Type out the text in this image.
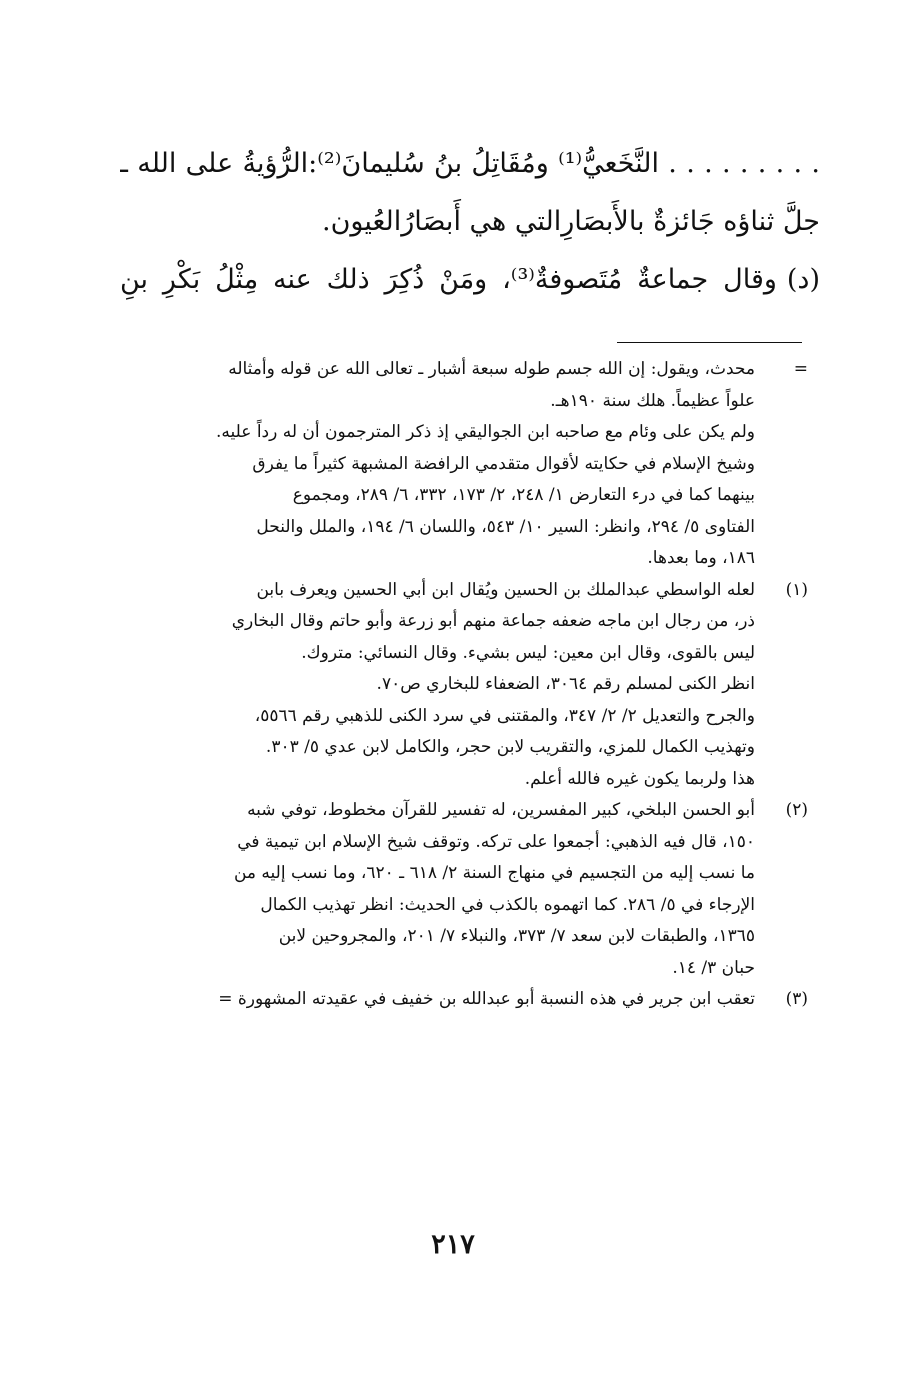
. . . . . . . . . النَّخَعيُّ⁽¹⁾ ومُقَاتِلُ بنُ سُليمانَ⁽²⁾:الرُّؤيةُ على الله ـ
جلَّ ثناؤه جَائزةٌ بالأَبصَارِالتي هي أَبصَارُالعُيون.
(د)وقال جماعةٌ مُتَصوفةٌ⁽³⁾، ومَنْ ذُكِرَ ذلك عنه مِثْلُ بَكْرِ بنِ
=
محدث، ويقول: إن الله جسم طوله سبعة أشبار ـ تعالى الله عن قوله وأمثاله
علواً عظيماً. هلك سنة ١٩٠هـ.
ولم يكن على وئام مع صاحبه ابن الجواليقي إذ ذكر المترجمون أن له رداً عليه.
وشيخ الإسلام في حكايته لأقوال متقدمي الرافضة المشبهة كثيراً ما يفرق
بينهما كما في درء التعارض ١/ ٢٤٨، ٢/ ١٧٣، ٣٣٢، ٦/ ٢٨٩، ومجموع
الفتاوى ٥/ ٢٩٤، وانظر: السير ١٠/ ٥٤٣، واللسان ٦/ ١٩٤، والملل والنحل
١٨٦، وما بعدها.
(١)
لعله الواسطي عبدالملك بن الحسين ويُقال ابن أبي الحسين ويعرف بابن
ذر، من رجال ابن ماجه ضعفه جماعة منهم أبو زرعة وأبو حاتم وقال البخاري
ليس بالقوى، وقال ابن معين: ليس بشيء. وقال النسائي: متروك.
انظر الكنى لمسلم رقم ٣٠٦٤، الضعفاء للبخاري ص٧٠.
والجرح والتعديل ٢/ ٢/ ٣٤٧، والمقتنى في سرد الكنى للذهبي رقم ٥٥٦٦،
وتهذيب الكمال للمزي، والتقريب لابن حجر، والكامل لابن عدي ٥/ ٣٠٣.
هذا ولربما يكون غيره فالله أعلم.
(٢)
أبو الحسن البلخي، كبير المفسرين، له تفسير للقرآن مخطوط، توفي شبه
١٥٠، قال فيه الذهبي: أجمعوا على تركه. وتوقف شيخ الإسلام ابن تيمية في
ما نسب إليه من التجسيم في منهاج السنة ٢/ ٦١٨ ـ ٦٢٠، وما نسب إليه من
الإرجاء في ٥/ ٢٨٦. كما اتهموه بالكذب في الحديث: انظر تهذيب الكمال
١٣٦٥، والطبقات لابن سعد ٧/ ٣٧٣، والنبلاء ٧/ ٢٠١، والمجروحين لابن
حبان ٣/ ١٤.
(٣)
تعقب ابن جرير في هذه النسبة أبو عبدالله بن خفيف في عقيدته المشهورة =
٢١٧
